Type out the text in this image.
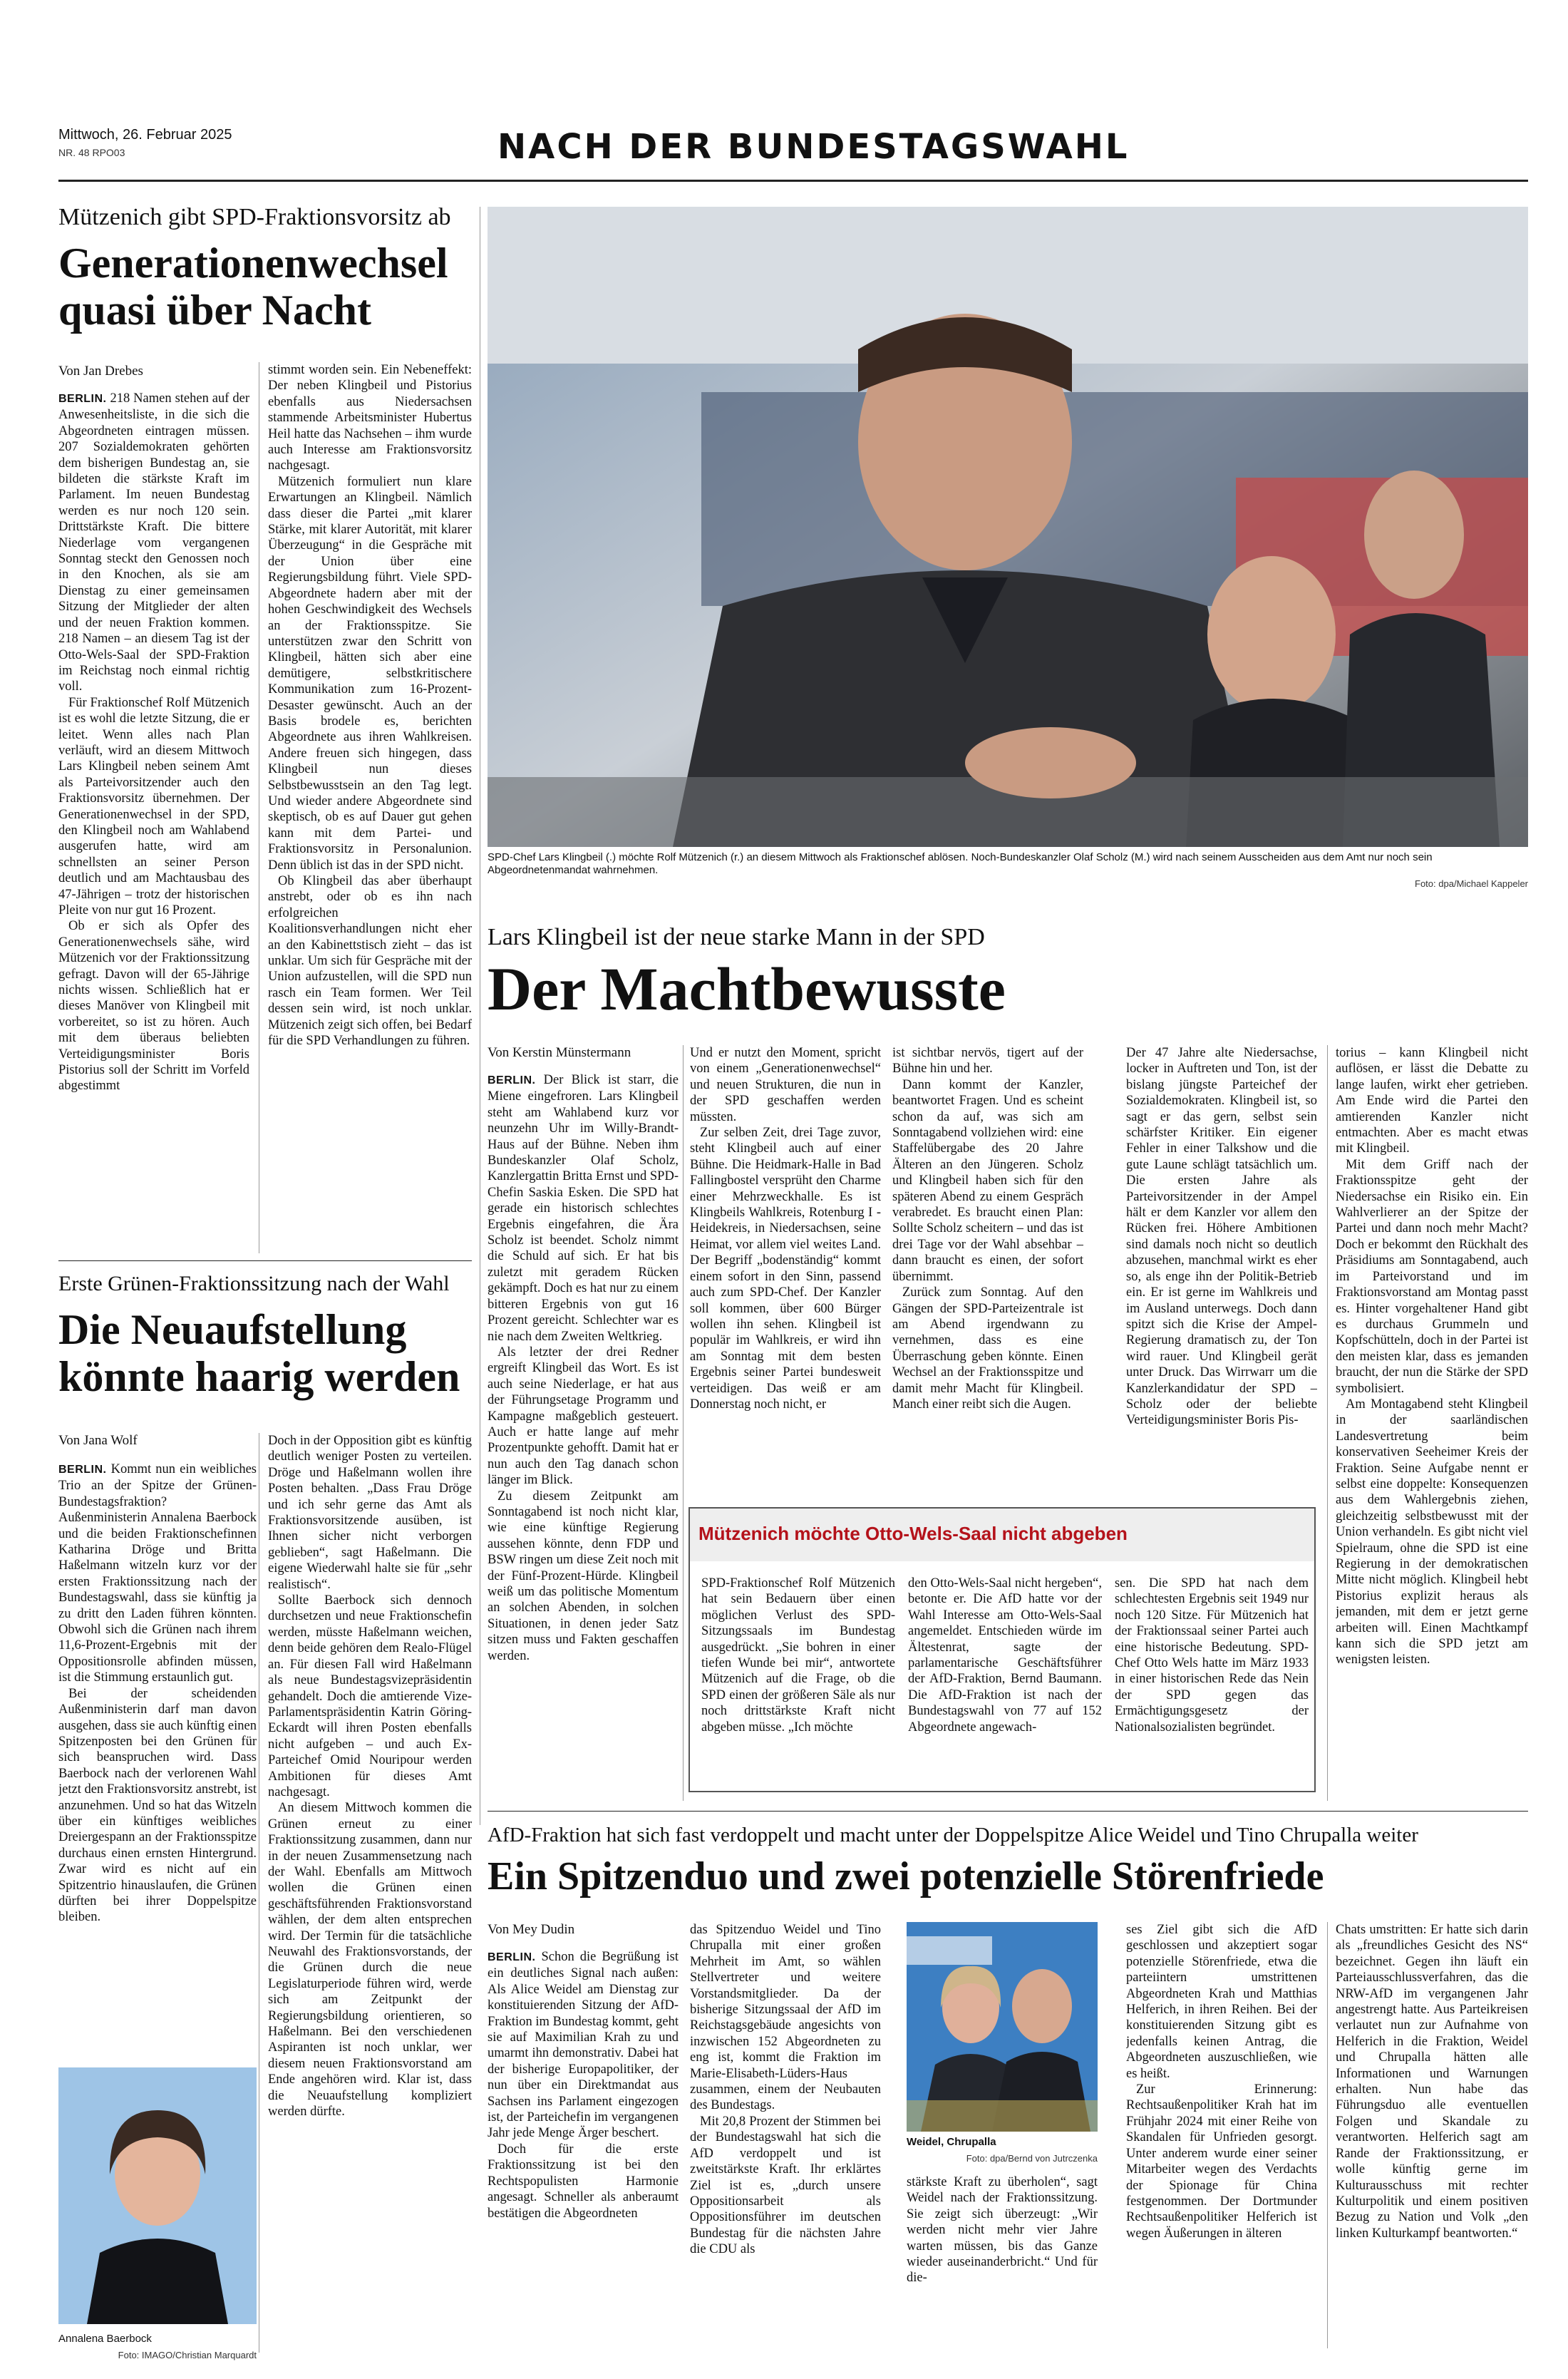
Mittwoch, 26. Februar 2025
NR. 48 RPO03	NACH DER BUNDESTAGSWAHL
Mützenich gibt SPD-Fraktionsvorsitz ab
Generationenwechsel
quasi über Nacht
Von Jan Drebes

BERLIN. 218 Namen stehen auf der Anwesenheitsliste, in die sich die Abgeordneten eintragen müssen. 207 Sozialdemokraten gehörten dem bisherigen Bundestag an, sie bildeten die stärkste Kraft im Parlament. Im neuen Bundestag werden es nur noch 120 sein. Drittstärkste Kraft. Die bittere Niederlage vom vergangenen Sonntag steckt den Genossen noch in den Knochen, als sie am Dienstag zu einer gemeinsamen Sitzung der Mitglieder der alten und der neuen Fraktion kommen. 218 Namen – an diesem Tag ist der Otto-Wels-Saal der SPD-Fraktion im Reichstag noch einmal richtig voll.

Für Fraktionschef Rolf Mützenich ist es wohl die letzte Sitzung, die er leitet. Wenn alles nach Plan verläuft, wird an diesem Mittwoch Lars Klingbeil neben seinem Amt als Parteivorsitzender auch den Fraktionsvorsitz übernehmen. Der Generationenwechsel in der SPD, den Klingbeil noch am Wahlabend ausgerufen hatte, wird am schnellsten an seiner Person deutlich und am Machtausbau des 47-Jährigen – trotz der historischen Pleite von nur gut 16 Prozent.

Ob er sich als Opfer des Generationenwechsels sähe, wird Mützenich vor der Fraktionssitzung gefragt. Davon will der 65-Jährige nichts wissen. Schließlich hat er dieses Manöver von Klingbeil mit vorbereitet, so ist zu hören. Auch mit dem überaus beliebten Verteidigungsminister Boris Pistorius soll der Schritt im Vorfeld abgestimmt

stimmt worden sein. Ein Nebeneffekt: Der neben Klingbeil und Pistorius ebenfalls aus Niedersachsen stammende Arbeitsminister Hubertus Heil hatte das Nachsehen – ihm wurde auch Interesse am Fraktionsvorsitz nachgesagt.

Mützenich formuliert nun klare Erwartungen an Klingbeil. Nämlich dass dieser die Partei „mit klarer Stärke, mit klarer Autorität, mit klarer Überzeugung“ in die Gespräche mit der Union über eine Regierungsbildung führt. Viele SPD-Abgeordnete hadern aber mit der hohen Geschwindigkeit des Wechsels an der Fraktionsspitze. Sie unterstützen zwar den Schritt von Klingbeil, hätten sich aber eine demütigere, selbstkritischere Kommunikation zum 16-Prozent-Desaster gewünscht. Auch an der Basis brodele es, berichten Abgeordnete aus ihren Wahlkreisen. Andere freuen sich hingegen, dass Klingbeil nun dieses Selbstbewusstsein an den Tag legt. Und wieder andere Abgeordnete sind skeptisch, ob es auf Dauer gut gehen kann mit dem Partei- und Fraktionsvorsitz in Personalunion. Denn üblich ist das in der SPD nicht.

Ob Klingbeil das aber überhaupt anstrebt, oder ob es ihn nach erfolgreichen Koalitionsverhandlungen nicht eher an den Kabinettstisch zieht – das ist unklar. Um sich für Gespräche mit der Union aufzustellen, will die SPD nun rasch ein Team formen. Wer Teil dessen sein wird, ist noch unklar. Mützenich zeigt sich offen, bei Bedarf für die SPD Verhandlungen zu führen.

SPD-Chef Lars Klingbeil (.) möchte Rolf Mützenich (r.) an diesem Mittwoch als Fraktionschef ablösen. Noch-Bundeskanzler Olaf Scholz (M.) wird nach seinem Ausscheiden aus dem Amt nur noch sein Abgeordnetenmandat wahrnehmen.
Foto: dpa/Michael Kappeler
Lars Klingbeil ist der neue starke Mann in der SPD
Der Machtbewusste
Von Kerstin Münstermann

BERLIN. Der Blick ist starr, die Miene eingefroren. Lars Klingbeil steht am Wahlabend kurz vor neunzehn Uhr im Willy-Brandt-Haus auf der Bühne. Neben ihm Bundeskanzler Olaf Scholz, Kanzlergattin Britta Ernst und SPD-Chefin Saskia Esken. Die SPD hat gerade ein historisch schlechtes Ergebnis eingefahren, die Ära Scholz ist beendet. Scholz nimmt die Schuld auf sich. Er hat bis zuletzt mit geradem Rücken gekämpft. Doch es hat nur zu einem bitteren Ergebnis von gut 16 Prozent gereicht. Schlechter war es nie nach dem Zweiten Weltkrieg.

Als letzter der drei Redner ergreift Klingbeil das Wort. Es ist auch seine Niederlage, er hat aus der Führungsetage Programm und Kampagne maßgeblich gesteuert. Auch er hatte lange auf mehr Prozentpunkte gehofft. Damit hat er nun auch den Tag danach schon länger im Blick.

Zu diesem Zeitpunkt am Sonntagabend ist noch nicht klar, wie eine künftige Regierung aussehen könnte, denn FDP und BSW ringen um diese Zeit noch mit der Fünf-Prozent-Hürde. Klingbeil weiß um das politische Momentum an solchen Abenden, in solchen Situationen, in denen jeder Satz sitzen muss und Fakten geschaffen werden.

Und er nutzt den Moment, spricht von einem „Generationenwechsel“ und neuen Strukturen, die nun in der SPD geschaffen werden müssten.

Zur selben Zeit, drei Tage zuvor, steht Klingbeil auch auf einer Bühne. Die Heidmark-Halle in Bad Fallingbostel versprüht den Charme einer Mehrzweckhalle. Es ist Klingbeils Wahlkreis, Rotenburg I - Heidekreis, in Niedersachsen, seine Heimat, vor allem viel weites Land. Der Begriff „bodenständig“ kommt einem sofort in den Sinn, passend auch zum SPD-Chef. Der Kanzler soll kommen, über 600 Bürger wollen ihn sehen. Klingbeil ist populär im Wahlkreis, er wird ihn am Sonntag mit dem besten Ergebnis seiner Partei bundesweit verteidigen. Das weiß er am Donnerstag noch nicht, er

ist sichtbar nervös, tigert auf der Bühne hin und her.

Dann kommt der Kanzler, beantwortet Fragen. Und es scheint schon da auf, was sich am Sonntagabend vollziehen wird: eine Staffelübergabe des 20 Jahre Älteren an den Jüngeren. Scholz und Klingbeil haben sich für den späteren Abend zu einem Gespräch verabredet. Es braucht einen Plan: Sollte Scholz scheitern – und das ist drei Tage vor der Wahl absehbar – dann braucht es einen, der sofort übernimmt.

Zurück zum Sonntag. Auf den Gängen der SPD-Parteizentrale ist am Abend irgendwann zu vernehmen, dass es eine Überraschung geben könnte. Einen Wechsel an der Fraktionsspitze und damit mehr Macht für Klingbeil. Manch einer reibt sich die Augen.

Der 47 Jahre alte Niedersachse, locker in Auftreten und Ton, ist der bislang jüngste Parteichef der Sozialdemokraten. Klingbeil ist, so sagt er das gern, selbst sein schärfster Kritiker. Ein eigener Fehler in einer Talkshow und die gute Laune schlägt tatsächlich um. Die ersten Jahre als Parteivorsitzender in der Ampel hält er dem Kanzler vor allem den Rücken frei. Höhere Ambitionen sind damals noch nicht so deutlich abzusehen, manchmal wirkt es eher so, als enge ihn der Politik-Betrieb ein. Er ist gerne im Wahlkreis und im Ausland unterwegs. Doch dann spitzt sich die Krise der Ampel-Regierung dramatisch zu, der Ton wird rauer. Und Klingbeil gerät unter Druck. Das Wirrwarr um die Kanzlerkandidatur der SPD – Scholz oder der beliebte Verteidigungsminister Boris Pis-

torius – kann Klingbeil nicht auflösen, er lässt die Debatte zu lange laufen, wirkt eher getrieben. Am Ende wird die Partei den amtierenden Kanzler nicht entmachten. Aber es macht etwas mit Klingbeil.

Mit dem Griff nach der Fraktionsspitze geht der Niedersachse ein Risiko ein. Ein Wahlverlierer an der Spitze der Partei und dann noch mehr Macht? Doch er bekommt den Rückhalt des Präsidiums am Sonntagabend, auch im Parteivorstand und im Fraktionsvorstand am Montag passt es. Hinter vorgehaltener Hand gibt es durchaus Grummeln und Kopfschütteln, doch in der Partei ist den meisten klar, dass es jemanden braucht, der nun die Stärke der SPD symbolisiert.

Am Montagabend steht Klingbeil in der saarländischen Landesvertretung beim konservativen Seeheimer Kreis der Fraktion. Seine Aufgabe nennt er selbst eine doppelte: Konsequenzen aus dem Wahlergebnis ziehen, gleichzeitig selbstbewusst mit der Union verhandeln. Es gibt nicht viel Spielraum, ohne die SPD ist eine Regierung in der demokratischen Mitte nicht möglich. Klingbeil hebt Pistorius explizit heraus als jemanden, mit dem er jetzt gerne arbeiten will. Einen Machtkampf kann sich die SPD jetzt am wenigsten leisten.

Mützenich möchte Otto-Wels-Saal nicht abgeben

SPD-Fraktionschef Rolf Mützenich hat sein Bedauern über einen möglichen Verlust des SPD-Sitzungssaals im Bundestag ausgedrückt. „Sie bohren in einer tiefen Wunde bei mir“, antwortete Mützenich auf die Frage, ob die SPD einen der größeren Säle als nur noch drittstärkste Kraft nicht abgeben müsse. „Ich möchte

den Otto-Wels-Saal nicht hergeben“, betonte er. Die AfD hatte vor der Wahl Interesse am Otto-Wels-Saal angemeldet. Entschieden würde im Ältestenrat, sagte der parlamentarische Geschäftsführer der AfD-Fraktion, Bernd Baumann. Die AfD-Fraktion ist nach der Bundestagswahl von 77 auf 152 Abgeordnete angewach-

sen. Die SPD hat nach dem schlechtesten Ergebnis seit 1949 nur noch 120 Sitze. Für Mützenich hat der Fraktionssaal seiner Partei auch eine historische Bedeutung. SPD-Chef Otto Wels hatte im März 1933 in einer historischen Rede das Nein der SPD gegen das Ermächtigungsgesetz der Nationalsozialisten begründet.

Erste Grünen-Fraktionssitzung nach der Wahl
Die Neuaufstellung
könnte haarig werden
Von Jana Wolf

BERLIN. Kommt nun ein weibliches Trio an der Spitze der Grünen-Bundestagsfraktion? Außenministerin Annalena Baerbock und die beiden Fraktionschefinnen Katharina Dröge und Britta Haßelmann witzeln kurz vor der ersten Fraktionssitzung nach der Bundestagswahl, dass sie künftig ja zu dritt den Laden führen könnten. Obwohl sich die Grünen nach ihrem 11,6-Prozent-Ergebnis mit der Oppositionsrolle abfinden müssen, ist die Stimmung erstaunlich gut.

Bei der scheidenden Außenministerin darf man davon ausgehen, dass sie auch künftig einen Spitzenposten bei den Grünen für sich beanspruchen wird. Dass Baerbock nach der verlorenen Wahl jetzt den Fraktionsvorsitz anstrebt, ist anzunehmen. Und so hat das Witzeln über ein künftiges weibliches Dreiergespann an der Fraktionsspitze durchaus einen ernsten Hintergrund. Zwar wird es nicht auf ein Spitzentrio hinauslaufen, die Grünen dürften bei ihrer Doppelspitze bleiben.

Doch in der Opposition gibt es künftig deutlich weniger Posten zu verteilen. Dröge und Haßelmann wollen ihre Posten behalten. „Dass Frau Dröge und ich sehr gerne das Amt als Fraktionsvorsitzende ausüben, ist Ihnen sicher nicht verborgen geblieben“, sagt Haßelmann. Die eigene Wiederwahl halte sie für „sehr realistisch“.

Sollte Baerbock sich dennoch durchsetzen und neue Fraktionschefin werden, müsste Haßelmann weichen, denn beide gehören dem Realo-Flügel an. Für diesen Fall wird Haßelmann als neue Bundestagsvizepräsidentin gehandelt. Doch die amtierende Vize-Parlamentspräsidentin Katrin Göring-Eckardt will ihren Posten ebenfalls nicht aufgeben – und auch Ex-Parteichef Omid Nouripour werden Ambitionen für dieses Amt nachgesagt.

An diesem Mittwoch kommen die Grünen erneut zu einer Fraktionssitzung zusammen, dann nur in der neuen Zusammensetzung nach der Wahl. Ebenfalls am Mittwoch wollen die Grünen einen geschäftsführenden Fraktionsvorstand wählen, der dem alten entsprechen wird. Der Termin für die tatsächliche Neuwahl des Fraktionsvorstands, der die Grünen durch die neue Legislaturperiode führen wird, werde sich am Zeitpunkt der Regierungsbildung orientieren, so Haßelmann. Bei den verschiedenen Aspiranten ist noch unklar, wer diesem neuen Fraktionsvorstand am Ende angehören wird. Klar ist, dass die Neuaufstellung kompliziert werden dürfte.

Annalena Baerbock
Foto: IMAGO/Christian Marquardt
AfD-Fraktion hat sich fast verdoppelt und macht unter der Doppelspitze Alice Weidel und Tino Chrupalla weiter
Ein Spitzenduo und zwei potenzielle Störenfriede
Von Mey Dudin

BERLIN. Schon die Begrüßung ist ein deutliches Signal nach außen: Als Alice Weidel am Dienstag zur konstituierenden Sitzung der AfD-Fraktion im Bundestag kommt, geht sie auf Maximilian Krah zu und umarmt ihn demonstrativ. Dabei hat der bisherige Europapolitiker, der nun über ein Direktmandat aus Sachsen ins Parlament eingezogen ist, der Parteichefin im vergangenen Jahr jede Menge Ärger beschert.

Doch für die erste Fraktionssitzung ist bei den Rechtspopulisten Harmonie angesagt. Schneller als anberaumt bestätigen die Abgeordneten

das Spitzenduo Weidel und Tino Chrupalla mit einer großen Mehrheit im Amt, so wählen Stellvertreter und weitere Vorstandsmitglieder. Da der bisherige Sitzungssaal der AfD im Reichstagsgebäude angesichts von inzwischen 152 Abgeordneten zu eng ist, kommt die Fraktion im Marie-Elisabeth-Lüders-Haus zusammen, einem der Neubauten des Bundestags.

Mit 20,8 Prozent der Stimmen bei der Bundestagswahl hat sich die AfD verdoppelt und ist zweitstärkste Kraft. Ihr erklärtes Ziel ist es, „durch unsere Oppositionsarbeit als Oppositionsführer im deutschen Bundestag für die nächsten Jahre die CDU als

Weidel, Chrupalla
Foto: dpa/Bernd von Jutrczenka

stärkste Kraft zu überholen“, sagt Weidel nach der Fraktionssitzung. Sie zeigt sich überzeugt: „Wir werden nicht mehr vier Jahre warten müssen, bis das Ganze wieder auseinanderbricht.“ Und für die-

ses Ziel gibt sich die AfD geschlossen und akzeptiert sogar potenzielle Störenfriede, etwa die parteiintern umstrittenen Abgeordneten Krah und Matthias Helferich, in ihren Reihen. Bei der konstituierenden Sitzung gibt es jedenfalls keinen Antrag, die Abgeordneten auszuschließen, wie es heißt.

Zur Erinnerung: Rechtsaußenpolitiker Krah hat im Frühjahr 2024 mit einer Reihe von Skandalen für Unfrieden gesorgt. Unter anderem wurde einer seiner Mitarbeiter wegen des Verdachts der Spionage für China festgenommen. Der Dortmunder Rechtsaußenpolitiker Helferich ist wegen Äußerungen in älteren

Chats umstritten: Er hatte sich darin als „freundliches Gesicht des NS“ bezeichnet. Gegen ihn läuft ein Parteiausschlussverfahren, das die NRW-AfD im vergangenen Jahr angestrengt hatte. Aus Parteikreisen verlautet nun zur Aufnahme von Helferich in die Fraktion, Weidel und Chrupalla hätten alle Informationen und Warnungen erhalten. Nun habe das Führungsduo alle eventuellen Folgen und Skandale zu verantworten. Helferich sagt am Rande der Fraktionssitzung, er wolle künftig gerne im Kulturausschuss mit rechter Kulturpolitik und einem positiven Bezug zu Nation und Volk „den linken Kulturkampf beantworten.“
